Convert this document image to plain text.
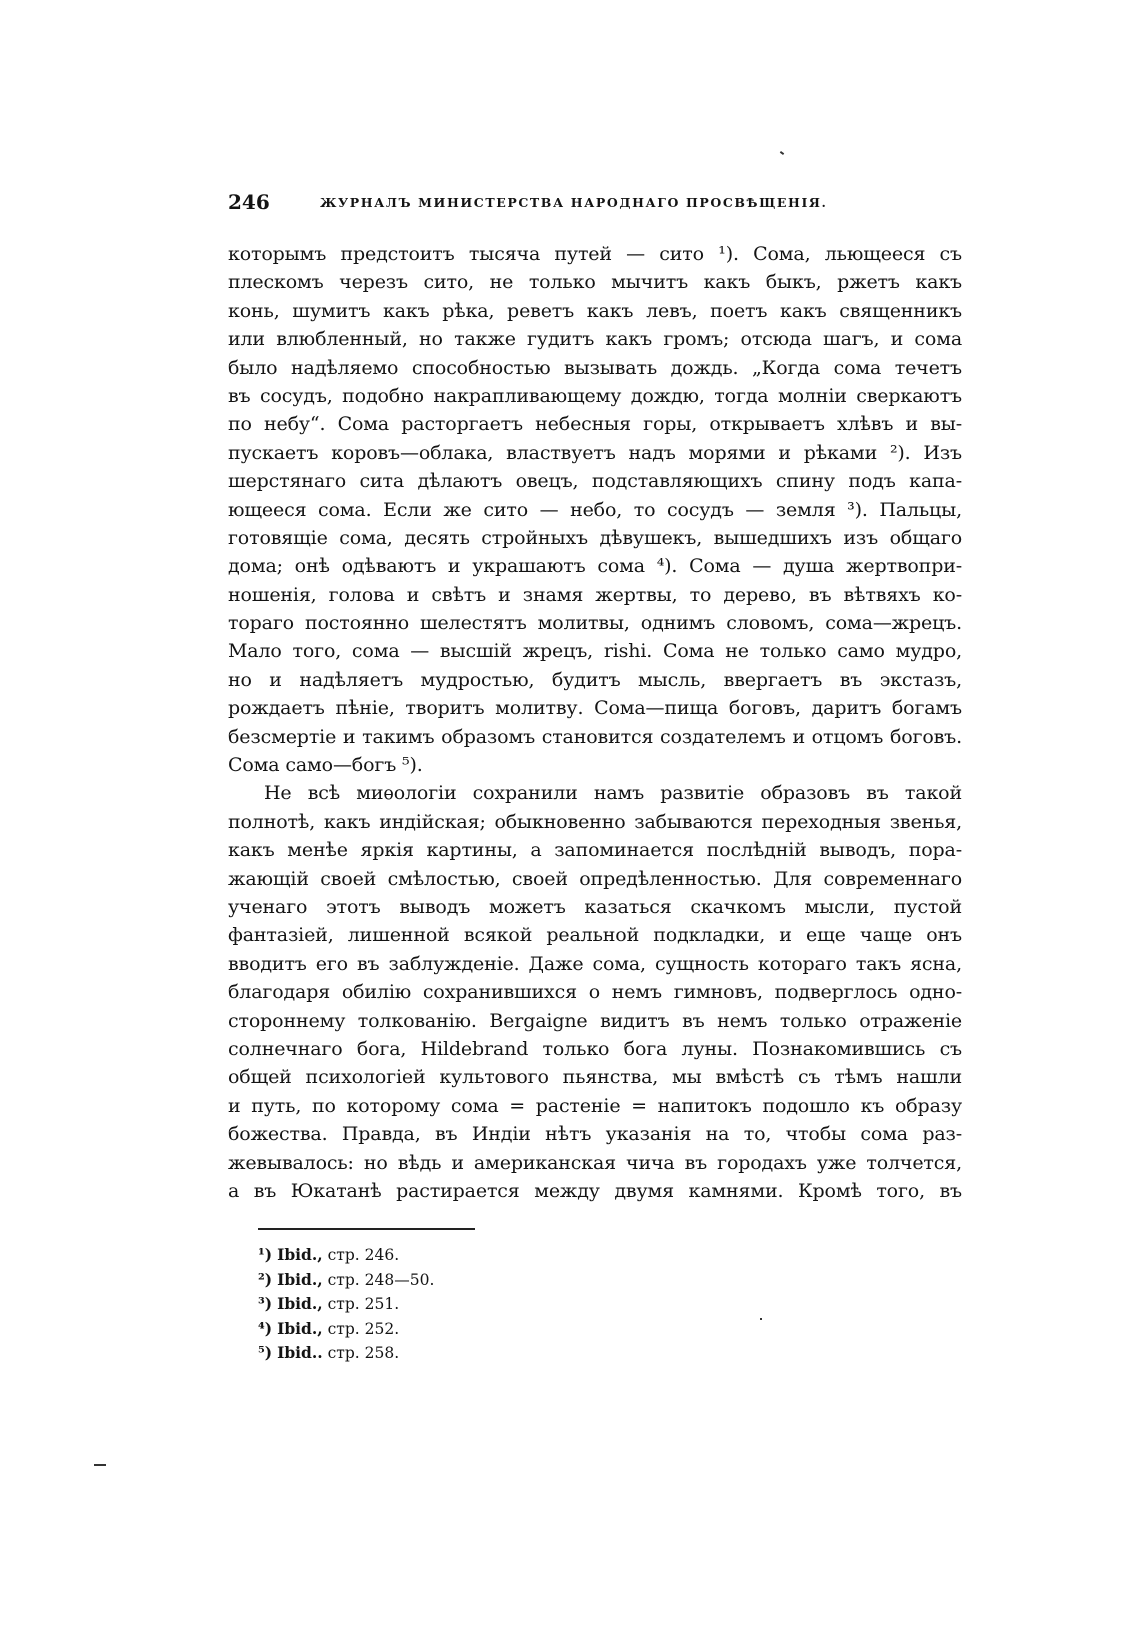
246	ЖУРНАЛЪ МИНИСТЕРСТВА НАРОДНАГО ПРОСВѢЩЕНІЯ.
которымъ предстоитъ тысяча путей — сито ¹). Сома, льющееся съ
плескомъ черезъ сито, не только мычитъ какъ быкъ, ржетъ какъ
конь, шумитъ какъ рѣка, реветъ какъ левъ, поетъ какъ священникъ
или влюбленный, но также гудитъ какъ громъ; отсюда шагъ, и сома
было надѣляемо способностью вызывать дождь. „Когда сома течетъ
въ сосудъ, подобно накрапливающему дождю, тогда молніи сверкаютъ
по небу“. Сома расторгаетъ небесныя горы, открываетъ хлѣвъ и вы-
пускаетъ коровъ—облака, властвуетъ надъ морями и рѣками ²). Изъ
шерстянаго сита дѣлаютъ овецъ, подставляющихъ спину подъ капа-
ющееся сома. Если же сито — небо, то сосудъ — земля ³). Пальцы,
готовящіе сома, десять стройныхъ дѣвушекъ, вышедшихъ изъ общаго
дома; онѣ одѣваютъ и украшаютъ сома ⁴). Сома — душа жертвопри-
ношенія, голова и свѣтъ и знамя жертвы, то дерево, въ вѣтвяхъ ко-
тораго постоянно шелестятъ молитвы, однимъ словомъ, сома—жрецъ.
Мало того, сома — высшій жрецъ, rishi. Сома не только само мудро,
но и надѣляетъ мудростью, будитъ мысль, ввергаетъ въ экстазъ,
рождаетъ пѣніе, творитъ молитву. Сома—пища боговъ, даритъ богамъ
безсмертіе и такимъ образомъ становится создателемъ и отцомъ боговъ.
Сома само—богъ ⁵).
Не всѣ миѳологіи сохранили намъ развитіе образовъ въ такой
полнотѣ, какъ индійская; обыкновенно забываются переходныя звенья,
какъ менѣе яркія картины, а запоминается послѣдній выводъ, пора-
жающій своей смѣлостью, своей опредѣленностью. Для современнаго
ученаго этотъ выводъ можетъ казаться скачкомъ мысли, пустой
фантазіей, лишенной всякой реальной подкладки, и еще чаще онъ
вводитъ его въ заблужденіе. Даже сома, сущность котораго такъ ясна,
благодаря обилію сохранившихся о немъ гимновъ, подверглось одно-
стороннему толкованію. Bergaigne видитъ въ немъ только отраженіе
солнечнаго бога, Hildebrand только бога луны. Познакомившись съ
общей психологіей культового пьянства, мы вмѣстѣ съ тѣмъ нашли
и путь, по которому сома = растеніе = напитокъ подошло къ образу
божества. Правда, въ Индіи нѣтъ указанія на то, чтобы сома раз-
жевывалось: но вѣдь и американская чича въ городахъ уже толчется,
а въ Юкатанѣ растирается между двумя камнями. Кромѣ того, въ
¹) Ibid., стр. 246.
²) Ibid., стр. 248—50.
³) Ibid., стр. 251.
⁴) Ibid., стр. 252.
⁵) Ibid.. стр. 258.
